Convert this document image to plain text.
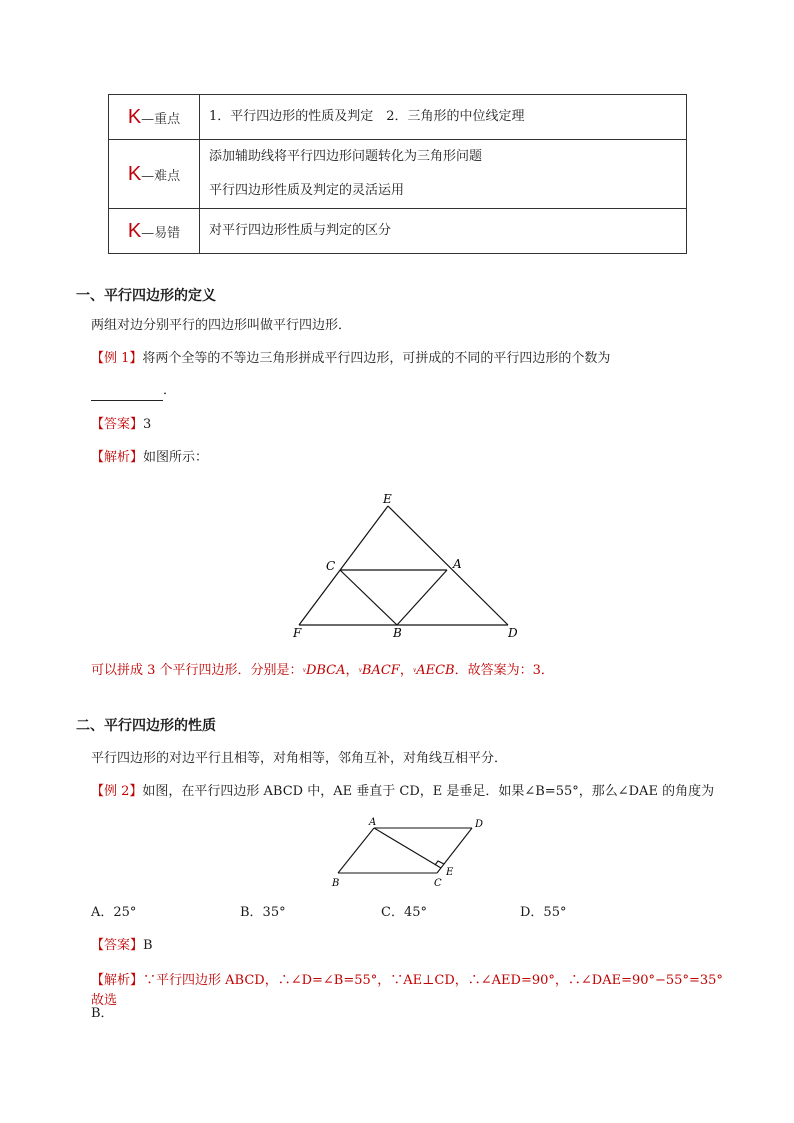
K—重点	1．平行四边形的性质及判定　2．三角形的中位线定理

K—难点	添加辅助线将平行四边形问题转化为三角形问题
平行四边形性质及判定的灵活运用

K—易错	对平行四边形性质与判定的区分
一、平行四边形的定义
两组对边分别平行的四边形叫做平行四边形．
【例 1】将两个全等的不等边三角形拼成平行四边形，可拼成的不同的平行四边形的个数为
．
【答案】3
【解析】如图所示：
E
C	A
F	B	D
可以拼成 3 个平行四边形．分别是：ᵞDBCA，ᵞBACF，ᵞAECB．故答案为：3．
二、平行四边形的性质
平行四边形的对边平行且相等，对角相等，邻角互补，对角线互相平分．
【例 2】如图，在平行四边形 ABCD 中，AE 垂直于 CD，E 是垂足．如果∠B=55°，那么∠DAE 的角度为
A	D
B	C
E
A．25°	B．35°	C．45°	D．55°
【答案】B
【解析】∵平行四边形 ABCD，∴∠D=∠B=55°，∵AE⊥CD，∴∠AED=90°，∴∠DAE=90°−55°=35°故选
B．
